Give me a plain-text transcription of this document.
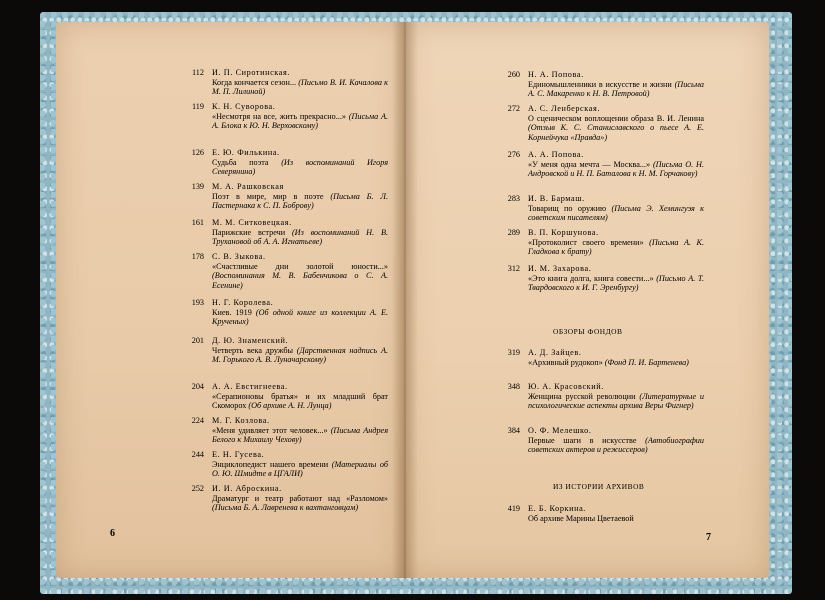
112 И. П. Сиротинская.
Когда кончается сезон... (Письмо В. И. Качалова к М. П. Лилиной)
119 К. Н. Суворова.
«Несмотря на все, жить прекрасно...» (Письма А. А. Блока к Ю. Н. Верховскому)
126 Е. Ю. Филькина.
Судьба поэта (Из воспоминаний Игоря Северянина)
139 М. А. Рашковская
Поэт в мире, мир в поэте (Письма Б. Л. Пастернака к С. П. Боброву)
161 М. М. Ситковецкая.
Парижские встречи (Из воспоминаний Н. В. Трухановой об А. А. Игнатьеве)
178 С. В. Зыкова.
«Счастливые дни золотой юности...» (Воспоминания М. В. Бабенчикова о С. А. Есенине)
193 Н. Г. Королева.
Киев. 1919 (Об одной книге из коллекции А. Е. Крученых)
201 Д. Ю. Знаменский.
Четверть века дружбы (Дарственная надпись А. М. Горького А. В. Луначарскому)
204 А. А. Евстигнеева.
«Серапионовы братья» и их младший брат Скоморох (Об архиве А. Н. Лунца)
224 М. Г. Козлова.
«Меня удивляет этот человек...» (Письма Андрея Белого к Михаилу Чехову)
244 Е. Н. Гусева.
Энциклопедист нашего времени (Материалы об О. Ю. Шмидте в ЦГАЛИ)
252 И. И. Аброскина.
Драматург и театр работают над «Разломом» (Письма Б. А. Лавренева к вахтанговцам)
6
260 Н. А. Попова.
Единомышленники в искусстве и жизни (Письма А. С. Макаренко к Н. В. Петровой)
272 А. С. Ленберская.
О сценическом воплощении образа В. И. Ленина (Отзыв К. С. Станиславского о пьесе А. Е. Корнейчука «Правда»)
276 А. А. Попова.
«У меня одна мечта — Москва...» (Письма О. Н. Андровской и Н. П. Баталова к Н. М. Горчакову)
283 И. В. Бармаш.
Товарищ по оружию (Письма Э. Хемингуэя к советским писателям)
289 В. П. Коршунова.
«Протоколист своего времени» (Письма А. К. Гладкова к брату)
312 И. М. Захарова.
«Это книга долга, книга совести...» (Письмо А. Т. Твардовского к И. Г. Эренбургу)
319 А. Д. Зайцев.
«Архивный рудокоп» (Фонд П. И. Бартенева)
348 Ю. А. Красовский.
Женщина русской революции (Литературные и психологические аспекты архива Веры Фигнер)
384 О. Ф. Мелешко.
Первые шаги в искусстве (Автобиографии советских актеров и режиссеров)
419 Е. Б. Коркина.
Об архиве Марины Цветаевой
ОБЗОРЫ ФОНДОВ
ИЗ ИСТОРИИ АРХИВОВ
7
